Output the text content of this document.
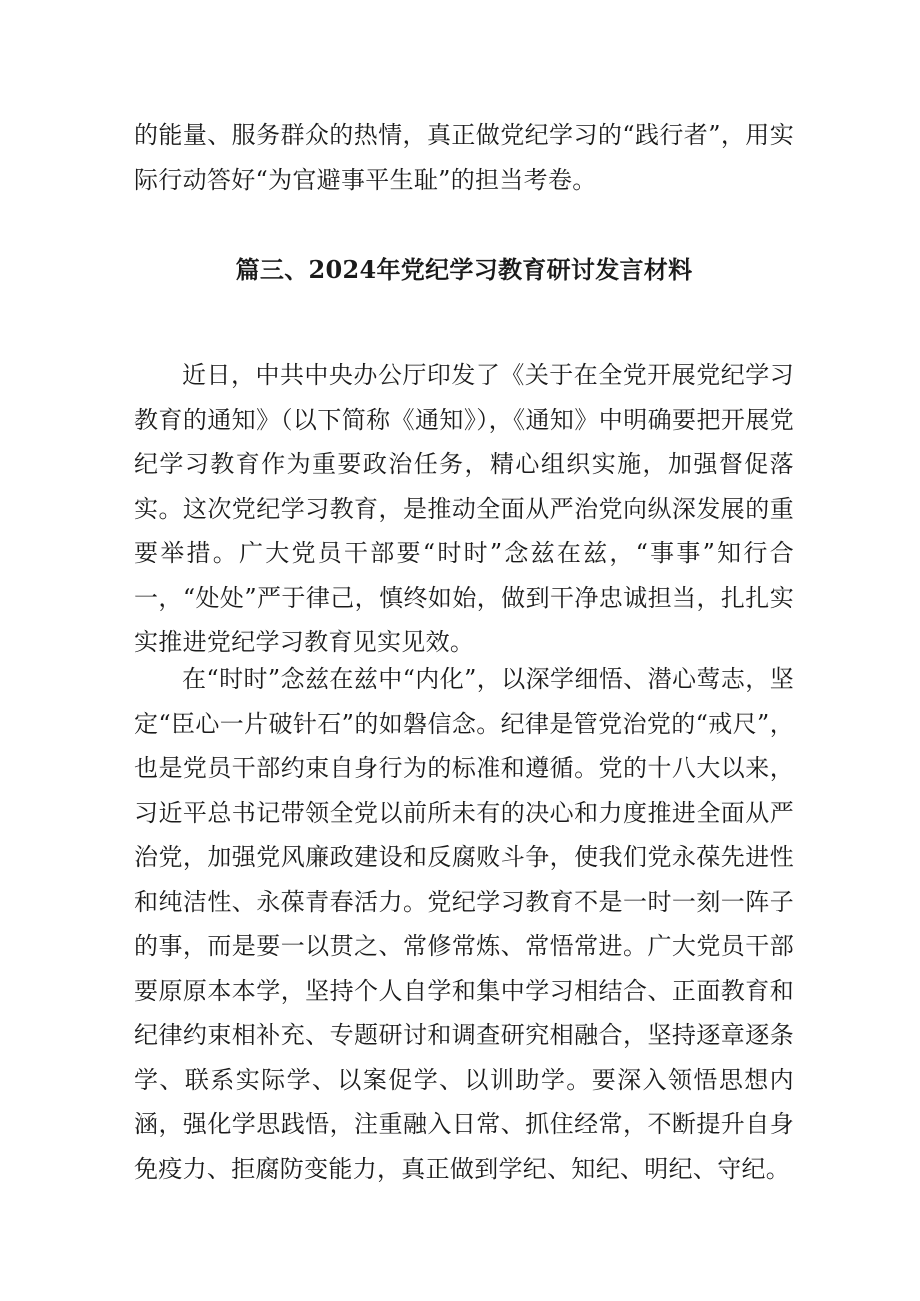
的能量、服务群众的热情，真正做党纪学习的“践行者”，用实际行动答好“为官避事平生耻”的担当考卷。

篇三、2024年党纪学习教育研讨发言材料

近日，中共中央办公厅印发了《关于在全党开展党纪学习教育的通知》（以下简称《通知》），《通知》中明确要把开展党纪学习教育作为重要政治任务，精心组织实施，加强督促落实。这次党纪学习教育，是推动全面从严治党向纵深发展的重要举措。广大党员干部要“时时”念兹在兹，“事事”知行合一，“处处”严于律己，慎终如始，做到干净忠诚担当，扎扎实实推进党纪学习教育见实见效。

在“时时”念兹在兹中“内化”，以深学细悟、潜心莺志，坚定“臣心一片破针石”的如磐信念。纪律是管党治党的“戒尺”，也是党员干部约束自身行为的标准和遵循。党的十八大以来，习近平总书记带领全党以前所未有的决心和力度推进全面从严治党，加强党风廉政建设和反腐败斗争，使我们党永葆先进性和纯洁性、永葆青春活力。党纪学习教育不是一时一刻一阵子的事，而是要一以贯之、常修常炼、常悟常进。广大党员干部要原原本本学，坚持个人自学和集中学习相结合、正面教育和纪律约束相补充、专题研讨和调查研究相融合，坚持逐章逐条学、联系实际学、以案促学、以训助学。要深入领悟思想内涵，强化学思践悟，注重融入日常、抓住经常，不断提升自身免疫力、拒腐防变能力，真正做到学纪、知纪、明纪、守纪。
